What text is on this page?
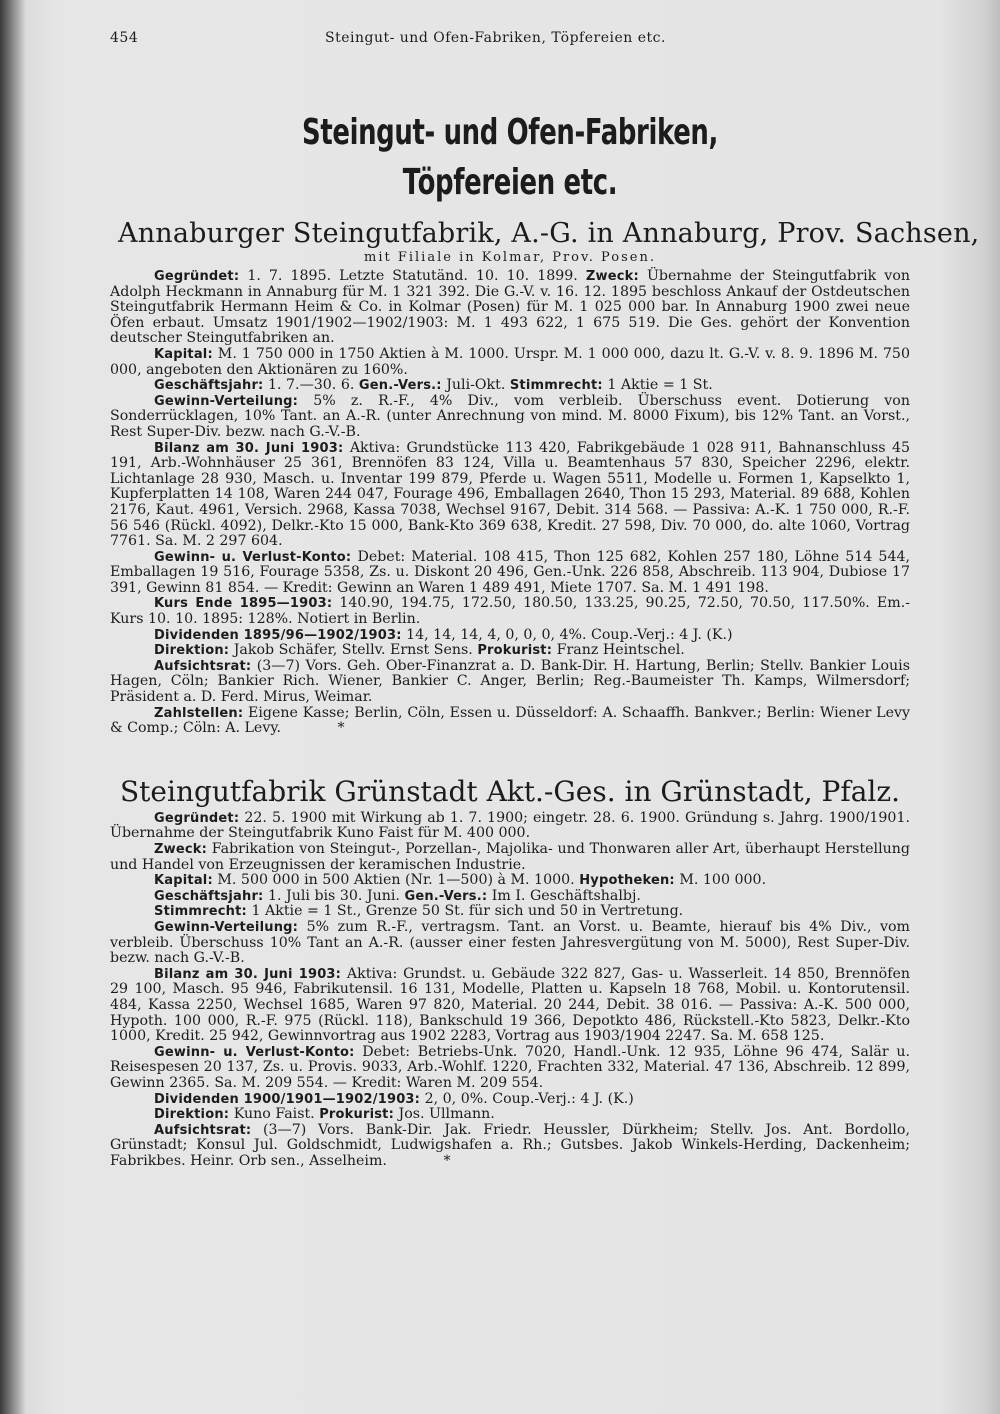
454	Steingut- und Ofen-Fabriken, Töpfereien etc.
Steingut- und Ofen-Fabriken, Töpfereien etc.
Annaburger Steingutfabrik, A.-G. in Annaburg, Prov. Sachsen,
mit Filiale in Kolmar, Prov. Posen.

Gegründet: 1. 7. 1895. Letzte Statutänd. 10. 10. 1899. Zweck: Übernahme der Steingutfabrik von Adolph Heckmann in Annaburg für M. 1 321 392. Die G.-V. v. 16. 12. 1895 beschloss Ankauf der Ostdeutschen Steingutfabrik Hermann Heim & Co. in Kolmar (Posen) für M. 1 025 000 bar. In Annaburg 1900 zwei neue Öfen erbaut. Umsatz 1901/1902—1902/1903: M. 1 493 622, 1 675 519. Die Ges. gehört der Konvention deutscher Steingutfabriken an.

Kapital: M. 1 750 000 in 1750 Aktien à M. 1000. Urspr. M. 1 000 000, dazu lt. G.-V. v. 8. 9. 1896 M. 750 000, angeboten den Aktionären zu 160%.

Geschäftsjahr: 1. 7.—30. 6. Gen.-Vers.: Juli-Okt. Stimmrecht: 1 Aktie = 1 St.

Gewinn-Verteilung: 5% z. R.-F., 4% Div., vom verbleib. Überschuss event. Dotierung von Sonderrücklagen, 10% Tant. an A.-R. (unter Anrechnung von mind. M. 8000 Fixum), bis 12% Tant. an Vorst., Rest Super-Div. bezw. nach G.-V.-B.

Bilanz am 30. Juni 1903: Aktiva: Grundstücke 113 420, Fabrikgebäude 1 028 911, Bahnanschluss 45 191, Arb.-Wohnhäuser 25 361, Brennöfen 83 124, Villa u. Beamtenhaus 57 830, Speicher 2296, elektr. Lichtanlage 28 930, Masch. u. Inventar 199 879, Pferde u. Wagen 5511, Modelle u. Formen 1, Kapselkto 1, Kupferplatten 14 108, Waren 244 047, Fourage 496, Emballagen 2640, Thon 15 293, Material. 89 688, Kohlen 2176, Kaut. 4961, Versich. 2968, Kassa 7038, Wechsel 9167, Debit. 314 568. — Passiva: A.-K. 1 750 000, R.-F. 56 546 (Rückl. 4092), Delkr.-Kto 15 000, Bank-Kto 369 638, Kredit. 27 598, Div. 70 000, do. alte 1060, Vortrag 7761. Sa. M. 2 297 604.

Gewinn- u. Verlust-Konto: Debet: Material. 108 415, Thon 125 682, Kohlen 257 180, Löhne 514 544, Emballagen 19 516, Fourage 5358, Zs. u. Diskont 20 496, Gen.-Unk. 226 858, Abschreib. 113 904, Dubiose 17 391, Gewinn 81 854. — Kredit: Gewinn an Waren 1 489 491, Miete 1707. Sa. M. 1 491 198.

Kurs Ende 1895—1903: 140.90, 194.75, 172.50, 180.50, 133.25, 90.25, 72.50, 70.50, 117.50%. Em.-Kurs 10. 10. 1895: 128%. Notiert in Berlin.

Dividenden 1895/96—1902/1903: 14, 14, 14, 4, 0, 0, 0, 4%. Coup.-Verj.: 4 J. (K.)

Direktion: Jakob Schäfer, Stellv. Ernst Sens. Prokurist: Franz Heintschel.

Aufsichtsrat: (3—7) Vors. Geh. Ober-Finanzrat a. D. Bank-Dir. H. Hartung, Berlin; Stellv. Bankier Louis Hagen, Cöln; Bankier Rich. Wiener, Bankier C. Anger, Berlin; Reg.-Baumeister Th. Kamps, Wilmersdorf; Präsident a. D. Ferd. Mirus, Weimar.

Zahlstellen: Eigene Kasse; Berlin, Cöln, Essen u. Düsseldorf: A. Schaaffh. Bankver.; Berlin: Wiener Levy & Comp.; Cöln: A. Levy.	*

Steingutfabrik Grünstadt Akt.-Ges. in Grünstadt, Pfalz.

Gegründet: 22. 5. 1900 mit Wirkung ab 1. 7. 1900; eingetr. 28. 6. 1900. Gründung s. Jahrg. 1900/1901. Übernahme der Steingutfabrik Kuno Faist für M. 400 000.

Zweck: Fabrikation von Steingut-, Porzellan-, Majolika- und Thonwaren aller Art, überhaupt Herstellung und Handel von Erzeugnissen der keramischen Industrie.

Kapital: M. 500 000 in 500 Aktien (Nr. 1—500) à M. 1000. Hypotheken: M. 100 000.

Geschäftsjahr: 1. Juli bis 30. Juni. Gen.-Vers.: Im I. Geschäftshalbj.

Stimmrecht: 1 Aktie = 1 St., Grenze 50 St. für sich und 50 in Vertretung.

Gewinn-Verteilung: 5% zum R.-F., vertragsm. Tant. an Vorst. u. Beamte, hierauf bis 4% Div., vom verbleib. Überschuss 10% Tant an A.-R. (ausser einer festen Jahresvergütung von M. 5000), Rest Super-Div. bezw. nach G.-V.-B.

Bilanz am 30. Juni 1903: Aktiva: Grundst. u. Gebäude 322 827, Gas- u. Wasserleit. 14 850, Brennöfen 29 100, Masch. 95 946, Fabrikutensil. 16 131, Modelle, Platten u. Kapseln 18 768, Mobil. u. Kontorutensil. 484, Kassa 2250, Wechsel 1685, Waren 97 820, Material. 20 244, Debit. 38 016. — Passiva: A.-K. 500 000, Hypoth. 100 000, R.-F. 975 (Rückl. 118), Bankschuld 19 366, Depotkto 486, Rückstell.-Kto 5823, Delkr.-Kto 1000, Kredit. 25 942, Gewinnvortrag aus 1902 2283, Vortrag aus 1903/1904 2247. Sa. M. 658 125.

Gewinn- u. Verlust-Konto: Debet: Betriebs-Unk. 7020, Handl.-Unk. 12 935, Löhne 96 474, Salär u. Reisespesen 20 137, Zs. u. Provis. 9033, Arb.-Wohlf. 1220, Frachten 332, Material. 47 136, Abschreib. 12 899, Gewinn 2365. Sa. M. 209 554. — Kredit: Waren M. 209 554.

Dividenden 1900/1901—1902/1903: 2, 0, 0%. Coup.-Verj.: 4 J. (K.)

Direktion: Kuno Faist. Prokurist: Jos. Ullmann.

Aufsichtsrat: (3—7) Vors. Bank-Dir. Jak. Friedr. Heussler, Dürkheim; Stellv. Jos. Ant. Bordollo, Grünstadt; Konsul Jul. Goldschmidt, Ludwigshafen a. Rh.; Gutsbes. Jakob Winkels-Herding, Dackenheim; Fabrikbes. Heinr. Orb sen., Asselheim.	*
